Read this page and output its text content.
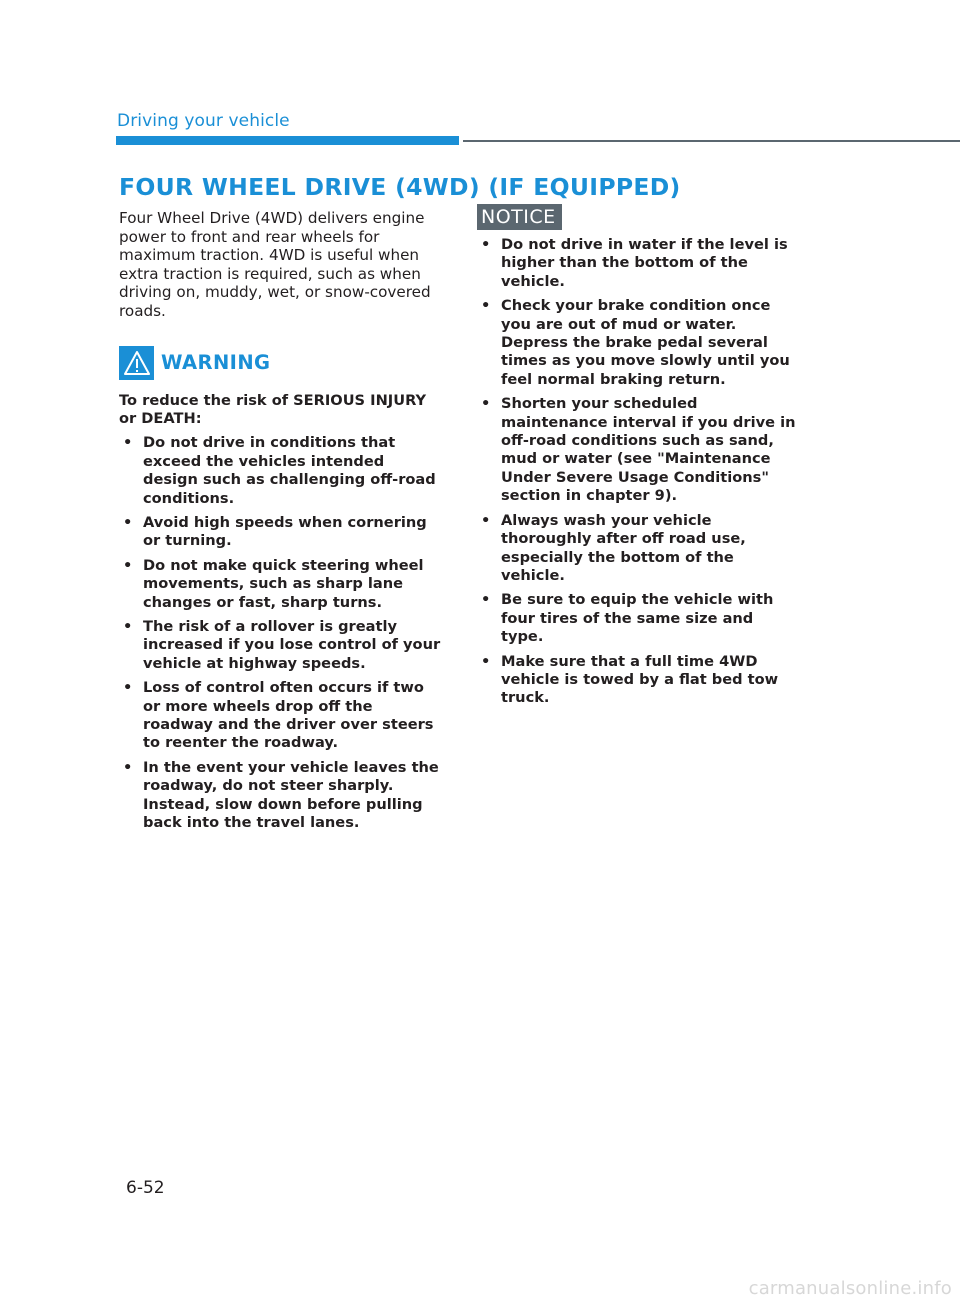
Driving your vehicle
FOUR WHEEL DRIVE (4WD) (IF EQUIPPED)

Four Wheel Drive (4WD) delivers engine power to front and rear wheels for maximum traction. 4WD is useful when extra traction is required, such as when driving on, muddy, wet, or snow-covered roads.

WARNING

To reduce the risk of SERIOUS INJURY or DEATH:

• Do not drive in conditions that exceed the vehicles intended design such as challenging off-road conditions.
• Avoid high speeds when cornering or turning.
• Do not make quick steering wheel movements, such as sharp lane changes or fast, sharp turns.
• The risk of a rollover is greatly increased if you lose control of your vehicle at highway speeds.
• Loss of control often occurs if two or more wheels drop off the roadway and the driver over steers to reenter the roadway.
• In the event your vehicle leaves the roadway, do not steer sharply. Instead, slow down before pulling back into the travel lanes.
NOTICE
• Do not drive in water if the level is higher than the bottom of the vehicle.
• Check your brake condition once you are out of mud or water. Depress the brake pedal several times as you move slowly until you feel normal braking return.
• Shorten your scheduled maintenance interval if you drive in off-road conditions such as sand, mud or water (see "Maintenance Under Severe Usage Conditions" section in chapter 9).
• Always wash your vehicle thoroughly after off road use, especially the bottom of the vehicle.
• Be sure to equip the vehicle with four tires of the same size and type.
• Make sure that a full time 4WD vehicle is towed by a flat bed tow truck.
6-52
carmanualsonline.info
